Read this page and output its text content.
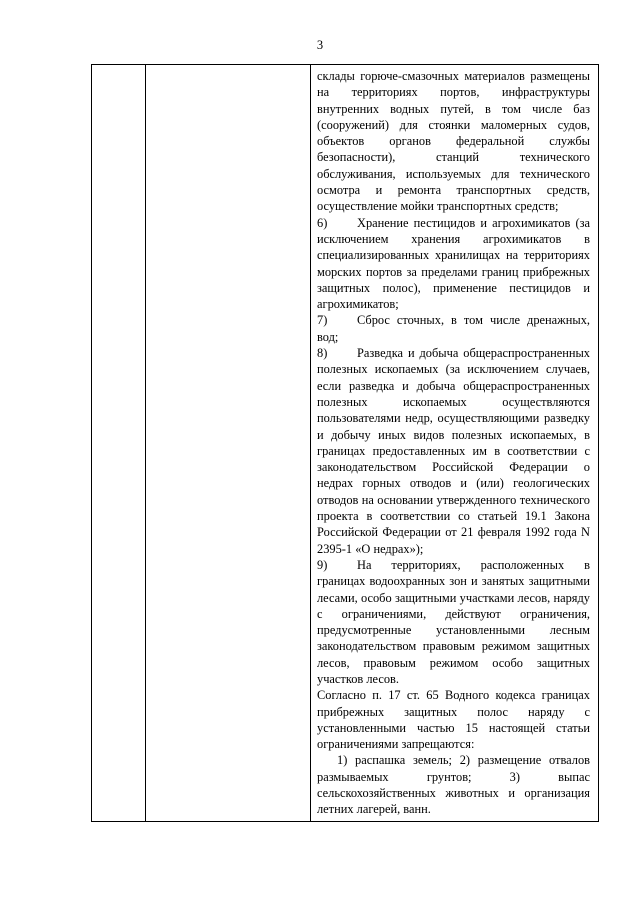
3

склады горюче-смазочных материалов размещены на территориях портов, инфраструктуры внутренних водных путей, в том числе баз (сооружений) для стоянки маломерных судов, объектов органов федеральной службы безопасности), станций технического обслуживания, используемых для технического осмотра и ремонта транспортных средств, осуществление мойки транспортных средств;

6) Хранение пестицидов и агрохимикатов (за исключением хранения агрохимикатов в специализированных хранилищах на территориях морских портов за пределами границ прибрежных защитных полос), применение пестицидов и агрохимикатов;

7) Сброс сточных, в том числе дренажных, вод;

8) Разведка и добыча общераспространенных полезных ископаемых (за исключением случаев, если разведка и добыча общераспространенных полезных ископаемых осуществляются пользователями недр, осуществляющими разведку и добычу иных видов полезных ископаемых, в границах предоставленных им в соответствии с законодательством Российской Федерации о недрах горных отводов и (или) геологических отводов на основании утвержденного технического проекта в соответствии со статьей 19.1 Закона Российской Федерации от 21 февраля 1992 года N 2395-1 «О недрах»);

9) На территориях, расположенных в границах водоохранных зон и занятых защитными лесами, особо защитными участками лесов, наряду с ограничениями, действуют ограничения, предусмотренные установленными лесным законодательством правовым режимом защитных лесов, правовым режимом особо защитных участков лесов.

Согласно п. 17 ст. 65 Водного кодекса границах прибрежных защитных полос наряду с установленными частью 15 настоящей статьи ограничениями запрещаются:

1) распашка земель; 2) размещение отвалов размываемых грунтов; 3) выпас сельскохозяйственных животных и организация летних лагерей, ванн.
